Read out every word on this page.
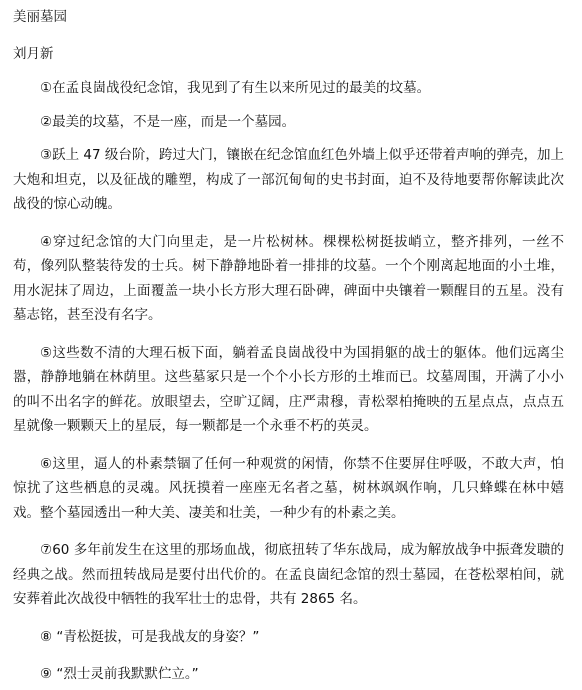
美丽墓园
刘月新

①在孟良崮战役纪念馆，我见到了有生以来所见过的最美的坟墓。

②最美的坟墓，不是一座，而是一个墓园。

③跃上 47 级台阶，跨过大门，镶嵌在纪念馆血红色外墙上似乎还带着声响的弹壳，加上大炮和坦克，以及征战的雕塑，构成了一部沉甸甸的史书封面，迫不及待地要帮你解读此次战役的惊心动魄。

④穿过纪念馆的大门向里走，是一片松树林。棵棵松树挺拔峭立，整齐排列，一丝不苟，像列队整装待发的士兵。树下静静地卧着一排排的坟墓。一个个刚离起地面的小土堆，用水泥抹了周边，上面覆盖一块小长方形大理石卧碑，碑面中央镶着一颗醒目的五星。没有墓志铭，甚至没有名字。

⑤这些数不清的大理石板下面，躺着孟良崮战役中为国捐躯的战士的躯体。他们远离尘嚣，静静地躺在林荫里。这些墓冢只是一个个小长方形的土堆而已。坟墓周围，开满了小小的叫不出名字的鲜花。放眼望去，空旷辽阔，庄严肃穆，青松翠柏掩映的五星点点，点点五星就像一颗颗天上的星辰，每一颗都是一个永垂不朽的英灵。

⑥这里，逼人的朴素禁锢了任何一种观赏的闲情，你禁不住要屏住呼吸，不敢大声，怕惊扰了这些栖息的灵魂。风抚摸着一座座无名者之墓，树林飒飒作响，几只蜂蝶在林中嬉戏。整个墓园透出一种大美、凄美和壮美，一种少有的朴素之美。

⑦60 多年前发生在这里的那场血战，彻底扭转了华东战局，成为解放战争中振聋发聩的经典之战。然而扭转战局是要付出代价的。在孟良崮纪念馆的烈士墓园，在苍松翠柏间，就安葬着此次战役中牺牲的我军壮士的忠骨，共有 2865 名。

⑧ “青松挺拔，可是我战友的身姿？”

⑨ “烈士灵前我默默伫立。”
